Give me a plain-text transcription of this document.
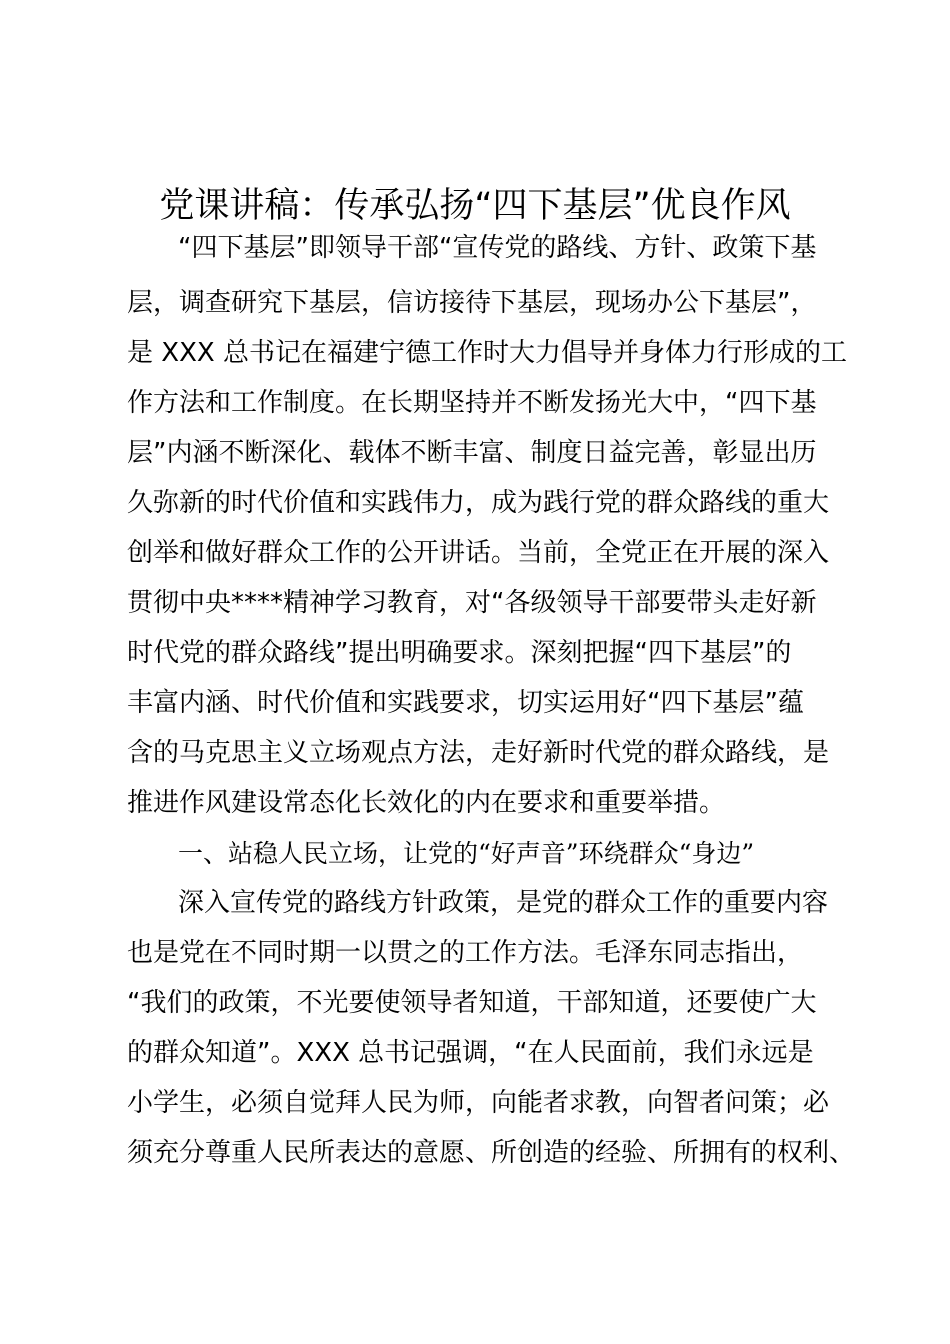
党课讲稿：传承弘扬“四下基层”优良作风

“四下基层”即领导干部“宣传党的路线、方针、政策下基

层，调查研究下基层，信访接待下基层，现场办公下基层”，

是 XXX 总书记在福建宁德工作时大力倡导并身体力行形成的工

作方法和工作制度。在长期坚持并不断发扬光大中，“四下基

层”内涵不断深化、载体不断丰富、制度日益完善，彰显出历

久弥新的时代价值和实践伟力，成为践行党的群众路线的重大

创举和做好群众工作的公开讲话。当前，全党正在开展的深入

贯彻中央****精神学习教育，对“各级领导干部要带头走好新

时代党的群众路线”提出明确要求。深刻把握“四下基层”的

丰富内涵、时代价值和实践要求，切实运用好“四下基层”蕴

含的马克思主义立场观点方法，走好新时代党的群众路线，是

推进作风建设常态化长效化的内在要求和重要举措。

一、站稳人民立场，让党的“好声音”环绕群众“身边”

深入宣传党的路线方针政策，是党的群众工作的重要内容

也是党在不同时期一以贯之的工作方法。毛泽东同志指出，

“我们的政策，不光要使领导者知道，干部知道，还要使广大

的群众知道”。XXX 总书记强调，“在人民面前，我们永远是

小学生，必须自觉拜人民为师，向能者求教，向智者问策；必

须充分尊重人民所表达的意愿、所创造的经验、所拥有的权利、
